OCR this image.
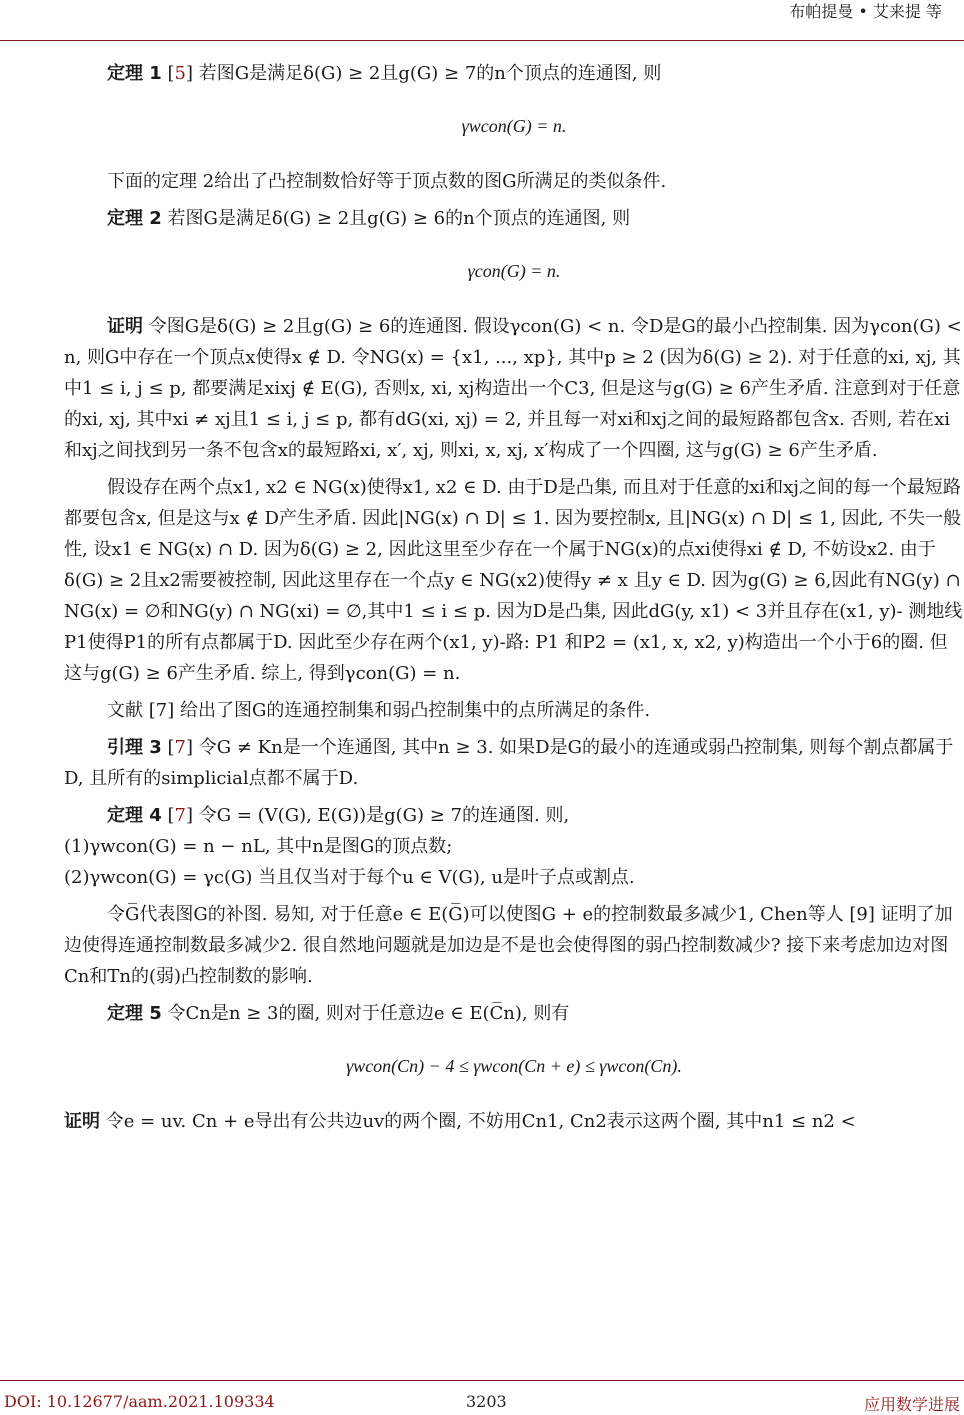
布帕提曼 • 艾来提 等

定理 1 [5] 若图G是满足δ(G) ≥ 2且g(G) ≥ 7的n个顶点的连通图, 则

γwcon(G) = n.

下面的定理 2给出了凸控制数恰好等于顶点数的图G所满足的类似条件.

定理 2 若图G是满足δ(G) ≥ 2且g(G) ≥ 6的n个顶点的连通图, 则

γcon(G) = n.

证明 令图G是δ(G) ≥ 2且g(G) ≥ 6的连通图. 假设γcon(G) < n. 令D是G的最小凸控制集. 因为γcon(G) < n, 则G中存在一个顶点x使得x ∉ D. 令NG(x) = {x1, ..., xp}, 其中p ≥ 2 (因为δ(G) ≥ 2). 对于任意的xi, xj, 其中1 ≤ i, j ≤ p, 都要满足xixj ∉ E(G), 否则x, xi, xj构造出一个C3, 但是这与g(G) ≥ 6产生矛盾. 注意到对于任意的xi, xj, 其中xi ≠ xj且1 ≤ i, j ≤ p, 都有dG(xi, xj) = 2, 并且每一对xi和xj之间的最短路都包含x. 否则, 若在xi和xj之间找到另一条不包含x的最短路xi, x′, xj, 则xi, x, xj, x′构成了一个四圈, 这与g(G) ≥ 6产生矛盾.

假设存在两个点x1, x2 ∈ NG(x)使得x1, x2 ∈ D. 由于D是凸集, 而且对于任意的xi和xj之间的每一个最短路都要包含x, 但是这与x ∉ D产生矛盾. 因此|NG(x) ∩ D| ≤ 1. 因为要控制x, 且|NG(x) ∩ D| ≤ 1, 因此, 不失一般性, 设x1 ∈ NG(x) ∩ D. 因为δ(G) ≥ 2, 因此这里至少存在一个属于NG(x)的点xi使得xi ∉ D, 不妨设x2. 由于δ(G) ≥ 2且x2需要被控制, 因此这里存在一个点y ∈ NG(x2)使得y ≠ x 且y ∈ D. 因为g(G) ≥ 6,因此有NG(y) ∩ NG(x) = ∅和NG(y) ∩ NG(xi) = ∅,其中1 ≤ i ≤ p. 因为D是凸集, 因此dG(y, x1) < 3并且存在(x1, y)- 测地线P1使得P1的所有点都属于D. 因此至少存在两个(x1, y)-路: P1 和P2 = (x1, x, x2, y)构造出一个小于6的圈. 但这与g(G) ≥ 6产生矛盾. 综上, 得到γcon(G) = n.

文献 [7] 给出了图G的连通控制集和弱凸控制集中的点所满足的条件.

引理 3 [7] 令G ≠ Kn是一个连通图, 其中n ≥ 3. 如果D是G的最小的连通或弱凸控制集, 则每个割点都属于D, 且所有的simplicial点都不属于D.

定理 4 [7] 令G = (V(G), E(G))是g(G) ≥ 7的连通图. 则,

(1)γwcon(G) = n − nL, 其中n是图G的顶点数;

(2)γwcon(G) = γc(G) 当且仅当对于每个u ∈ V(G), u是叶子点或割点.

令G̅代表图G的补图. 易知, 对于任意e ∈ E(G̅)可以使图G + e的控制数最多减少1, Chen等人 [9] 证明了加边使得连通控制数最多减少2. 很自然地问题就是加边是不是也会使得图的弱凸控制数减少? 接下来考虑加边对图Cn和Tn的(弱)凸控制数的影响.

定理 5 令Cn是n ≥ 3的圈, 则对于任意边e ∈ E(C̅n), 则有

γwcon(Cn) − 4 ≤ γwcon(Cn + e) ≤ γwcon(Cn).

证明 令e = uv. Cn + e导出有公共边uv的两个圈, 不妨用Cn1, Cn2表示这两个圈, 其中n1 ≤ n2 <

DOI: 10.12677/aam.2021.109334	3203	应用数学进展
